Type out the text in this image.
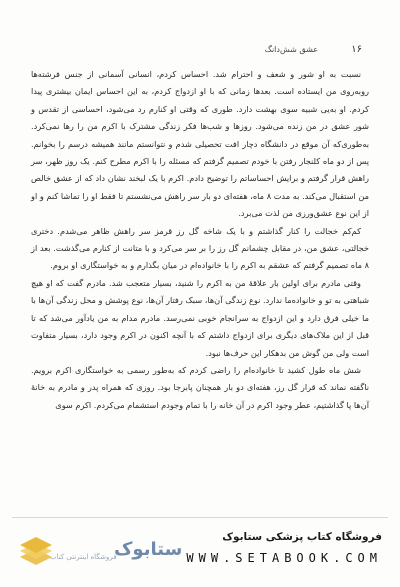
۱۶
عشق شش‌دانگ

نسبت به او شور و شعف و احترام شد. احساس کردم، انسانی آسمانی از جنس فرشته‌ها روبه‌روی من ایستاده است. بعدها زمانی که با او ازدواج کردم، به این احساس ایمان بیشتری پیدا کردم. او به‌یی شبیه سوی بهشت دارد. طوری که وقتی او کنارم رد می‌شود، احساسی از تقدس و شور عشق در من زنده می‌شود. روزها و شب‌ها فکر زندگی مشترک با اکرم من را رها نمی‌کرد. به‌طوری‌که آن موقع در دانشگاه دچار افت تحصیلی شدم و نتوانستم مانند همیشه درسم را بخوانم. پس از دو ماه کلنجار رفتن با خودم تصمیم گرفتم که مسئله را با اکرم مطرح کنم. یک روز ظهر، سر راهش قرار گرفتم و برایش احساساتم را توضیح دادم. اکرم با یک لبخند نشان داد که از عشق خالص من استقبال می‌کند. به مدت ۸ ماه، هفته‌ای دو بار سر راهش می‌نشستم تا فقط او را تماشا کنم و او از این نوع عشق‌ورزی من لذت می‌برد.

کم‌کم خجالت را کنار گذاشتم و با یک شاخه گل رز قرمز سر راهش ظاهر می‌شدم. دختری خجالتی، عشق من، در مقابل چشمانم گل رز را بر سر می‌کرد و با متانت از کنارم می‌گذشت. بعد از ۸ ماه تصمیم گرفتم که عشقم به اکرم را با خانواده‌ام در میان بگذارم و به خواستگاری او بروم.

وقتی مادرم برای اولین بار علاقهٔ من به اکرم را شنید، بسیار متعجب شد. مادرم گفت که او هیچ شباهتی به تو و خانواده‌ما ندارد. نوع زندگی آن‌ها، سبک رفتار آن‌ها، نوع پوشش و محل زندگی آن‌ها با ما خیلی فرق دارد و این ازدواج به سرانجام خوبی نمی‌رسد. مادرم مدام به من یادآور می‌شد که تا قبل از این ملاک‌های دیگری برای ازدواج داشتم که با آنچه اکنون در اکرم وجود دارد، بسیار متفاوت است ولی من گوش من بدهکار این حرف‌ها نبود.

شش ماه طول کشید تا خانواده‌ام را راضی کردم که به‌طور رسمی به خواستگاری اکرم برویم. ناگفته نماند که قرار گل رز، هفته‌ای دو بار همچنان پابرجا بود. روزی که همراه پدر و مادرم به خانهٔ آن‌ها پا گذاشتیم، عطر وجود اکرم در آن خانه را با تمام وجودم استشمام می‌کردم. اکرم سوی

ستابوک
فروشگاه اینترنتی کتاب
فروشگاه کتاب پزشکی ستابوک
WWW.SETABOOK.COM
